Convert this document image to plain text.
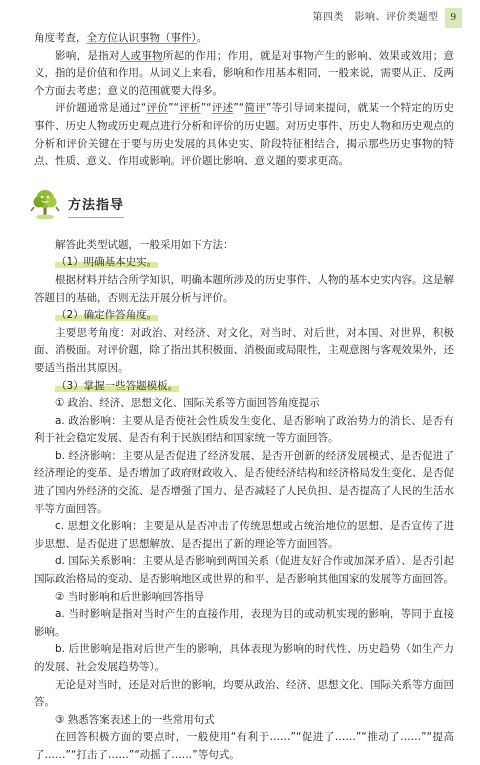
第四类　影响、评价类题型	9

角度考查，全方位认识事物（事件）。

影响，是指对人或事物所起的作用；作用，就是对事物产生的影响、效果或效用；意义，指的是价值和作用。从词义上来看，影响和作用基本相同，一般来说，需要从正、反两个方面去考虑；意义的范围就要大得多。

评价题通常是通过“评价”“评析”“评述”“简评”等引导词来提问，就某一个特定的历史事件、历史人物或历史观点进行分析和评价的历史题。对历史事件、历史人物和历史观点的分析和评价关键在于要与历史发展的具体史实、阶段特征相结合，揭示那些历史事物的特点、性质、意义、作用或影响。评价题比影响、意义题的要求更高。

方法指导

解答此类型试题，一般采用如下方法：

（1）明确基本史实。

根据材料并结合所学知识，明确本题所涉及的历史事件、人物的基本史实内容。这是解答题目的基础，否则无法开展分析与评价。

（2）确定作答角度。

主要思考角度：对政治、对经济、对文化，对当时、对后世，对本国、对世界，积极面、消极面。对评价题，除了指出其积极面、消极面或局限性，主观意图与客观效果外，还要适当指出其原因。

（3）掌握一些答题模板。

① 政治、经济、思想文化、国际关系等方面回答角度提示

a. 政治影响：主要从是否使社会性质发生变化、是否影响了政治势力的消长、是否有利于社会稳定发展、是否有利于民族团结和国家统一等方面回答。

b. 经济影响：主要从是否促进了经济发展、是否开创新的经济发展模式、是否促进了经济理论的变革、是否增加了政府财政收入、是否使经济结构和经济格局发生变化、是否促进了国内外经济的交流、是否增强了国力、是否减轻了人民负担、是否提高了人民的生活水平等方面回答。

c. 思想文化影响：主要是从是否冲击了传统思想或占统治地位的思想、是否宣传了进步思想、是否促进了思想解放、是否提出了新的理论等方面回答。

d. 国际关系影响：主要从是否影响到两国关系（促进友好合作或加深矛盾）、是否引起国际政治格局的变动、是否影响地区或世界的和平、是否影响其他国家的发展等方面回答。

② 当时影响和后世影响回答指导

a. 当时影响是指对当时产生的直接作用，表现为目的或动机实现的影响，等同于直接影响。

b. 后世影响是指对后世产生的影响，具体表现为影响的时代性、历史趋势（如生产力的发展、社会发展趋势等）。

无论是对当时，还是对后世的影响，均要从政治、经济、思想文化、国际关系等方面回答。

③ 熟悉答案表述上的一些常用句式

在回答积极方面的要点时，一般使用“有利于……”“促进了……”“推动了……”“提高了……”“打击了……”“动摇了……”等句式。
